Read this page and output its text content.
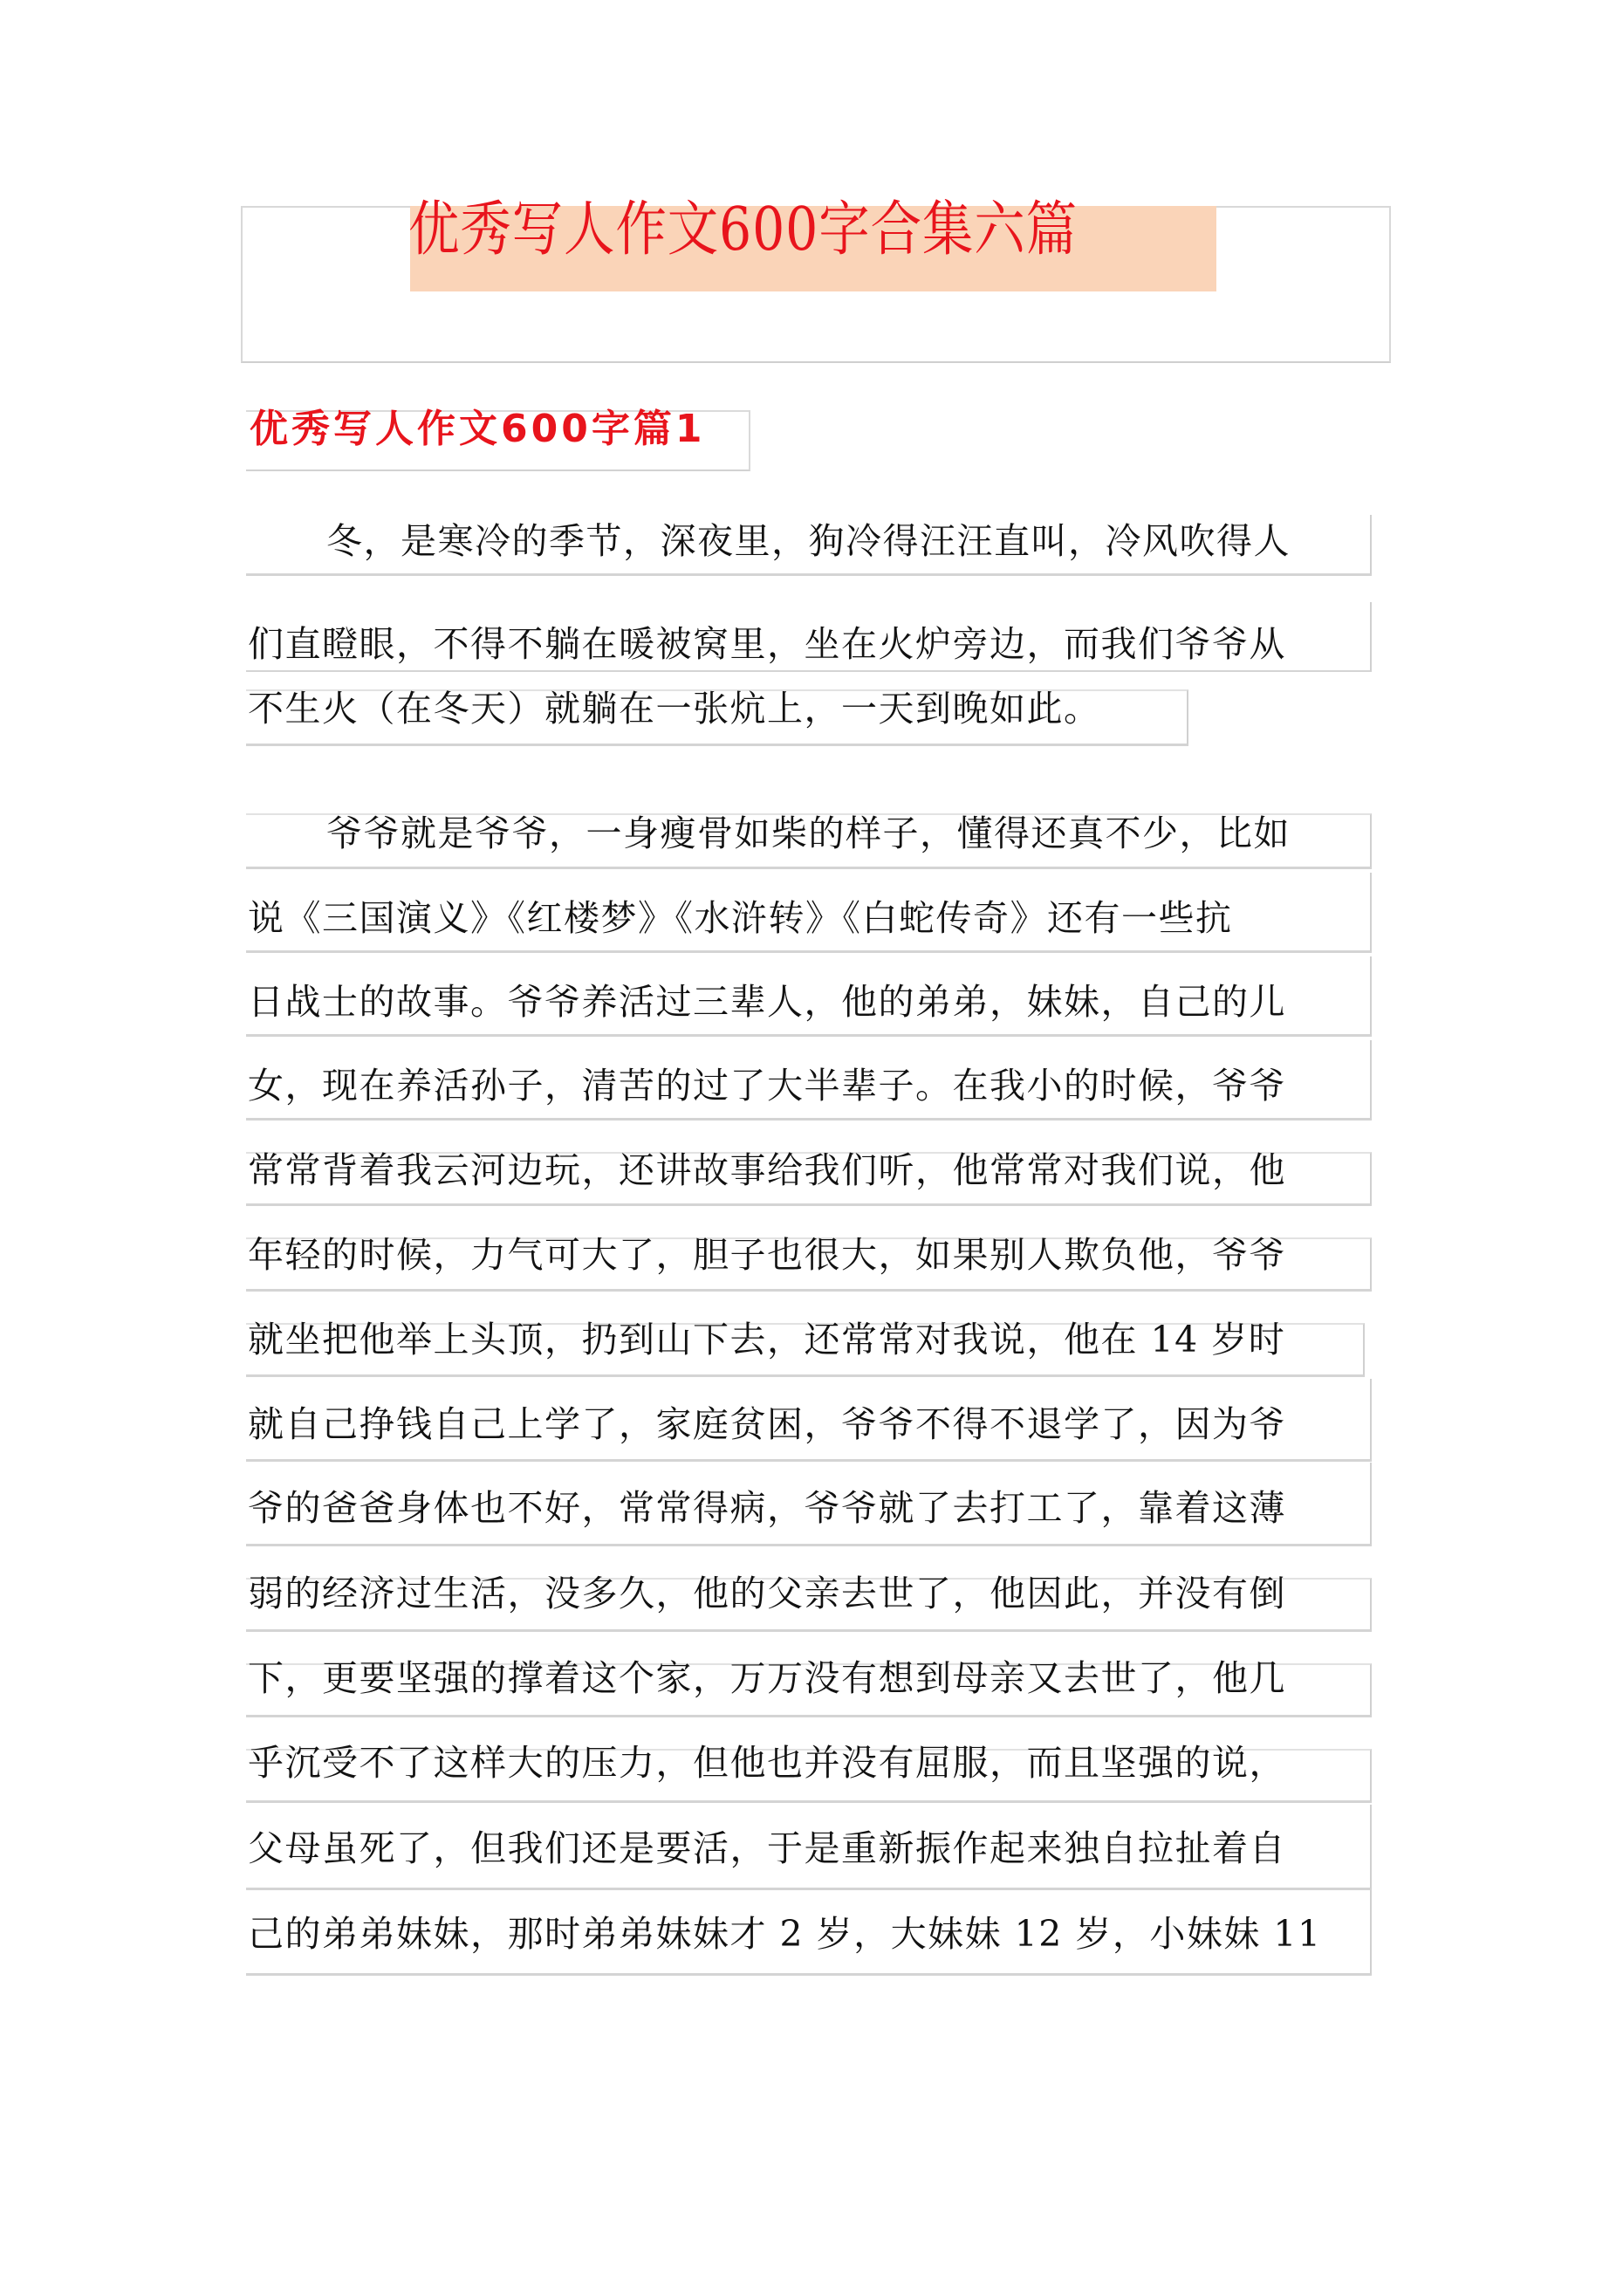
优秀写人作文600字合集六篇
优秀写人作文600字篇1
冬，是寒冷的季节，深夜里，狗冷得汪汪直叫，冷风吹得人
们直瞪眼，不得不躺在暖被窝里，坐在火炉旁边，而我们爷爷从
不生火（在冬天）就躺在一张炕上，一天到晚如此。
爷爷就是爷爷，一身瘦骨如柴的样子，懂得还真不少，比如
说《三国演义》《红楼梦》《水浒转》《白蛇传奇》还有一些抗
日战士的故事。爷爷养活过三辈人，他的弟弟，妹妹，自己的儿
女，现在养活孙子，清苦的过了大半辈子。在我小的时候，爷爷
常常背着我云河边玩，还讲故事给我们听，他常常对我们说，他
年轻的时候，力气可大了，胆子也很大，如果别人欺负他，爷爷
就坐把他举上头顶，扔到山下去，还常常对我说，他在 14 岁时
就自己挣钱自己上学了，家庭贫困，爷爷不得不退学了，因为爷
爷的爸爸身体也不好，常常得病，爷爷就了去打工了，靠着这薄
弱的经济过生活，没多久，他的父亲去世了，他因此，并没有倒
下，更要坚强的撑着这个家，万万没有想到母亲又去世了，他几
乎沉受不了这样大的压力，但他也并没有屈服，而且坚强的说，
父母虽死了，但我们还是要活，于是重新振作起来独自拉扯着自
己的弟弟妹妹，那时弟弟妹妹才 2 岁，大妹妹 12 岁，小妹妹 11
